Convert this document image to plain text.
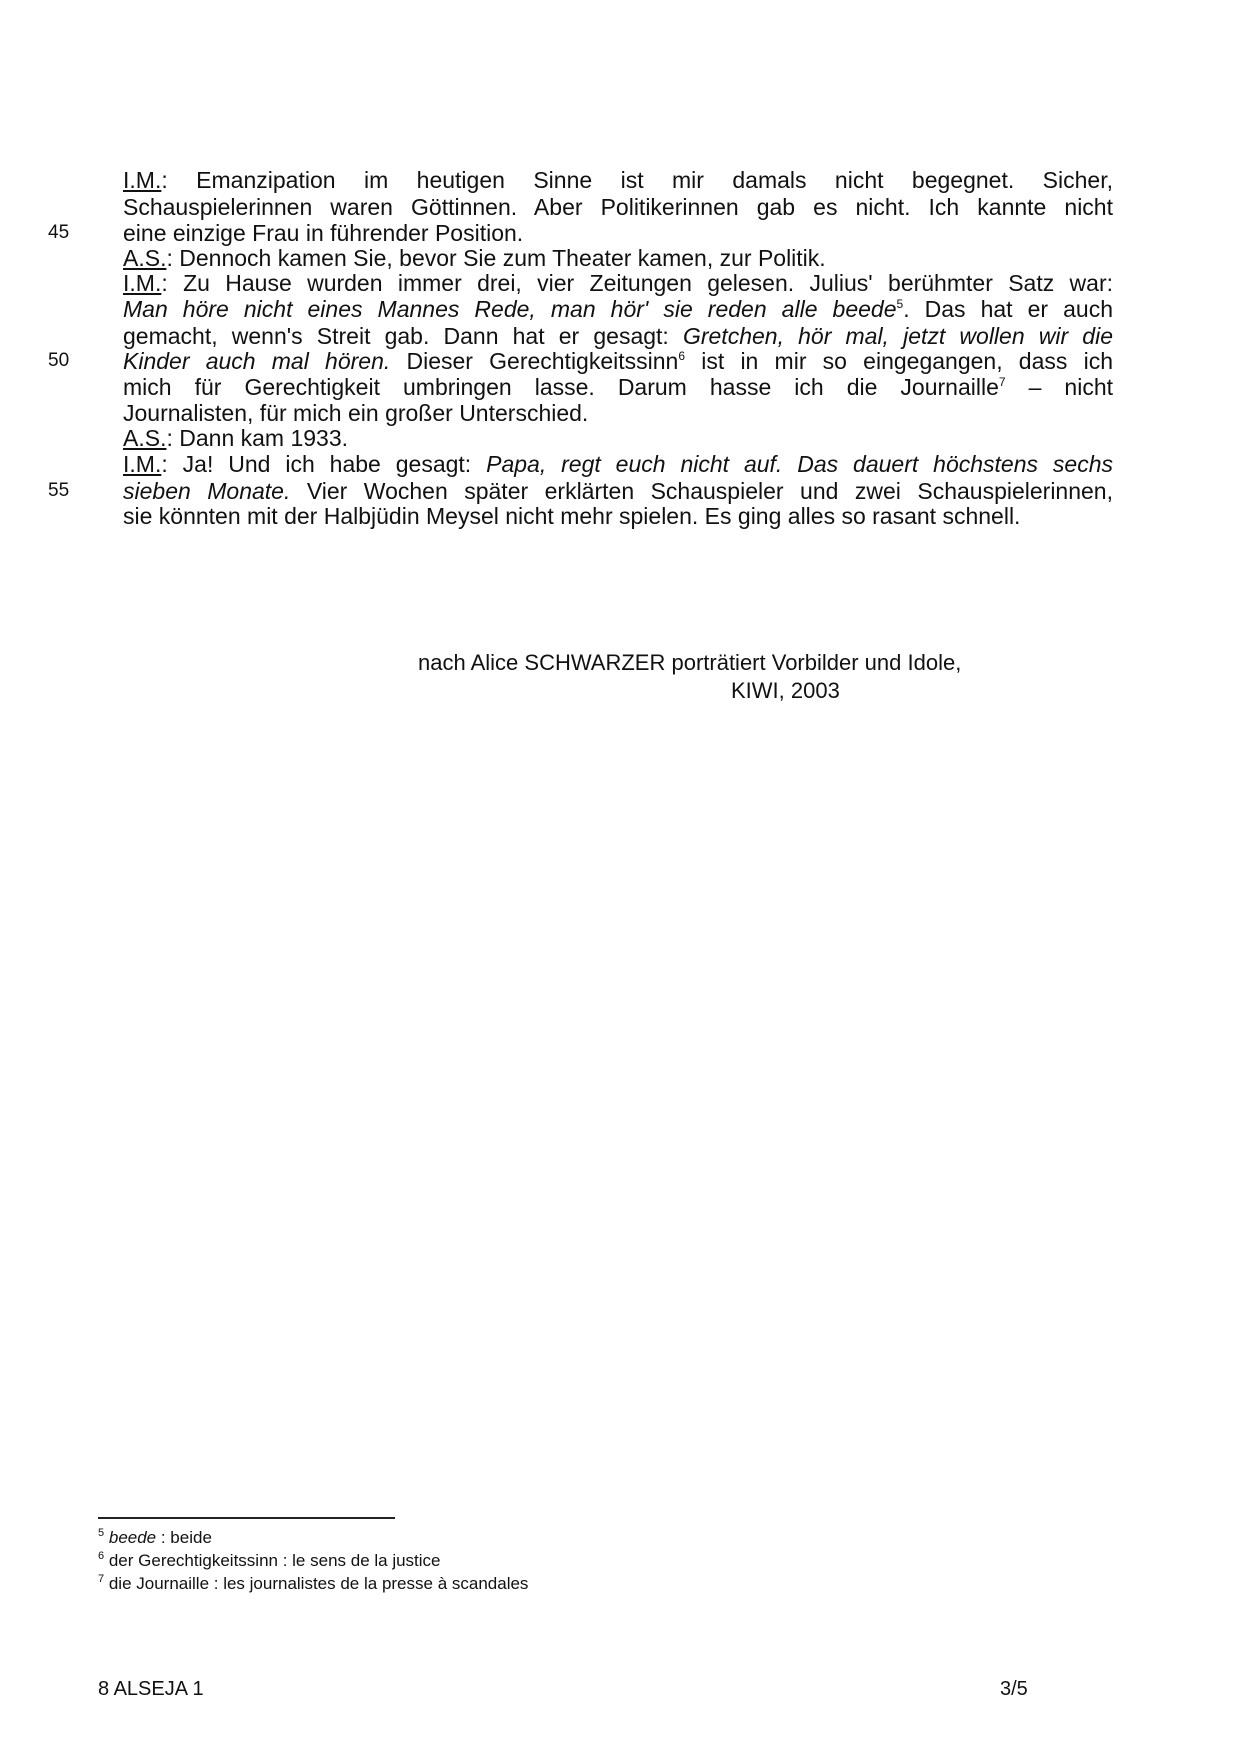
I.M.: Emanzipation im heutigen Sinne ist mir damals nicht begegnet. Sicher,
Schauspielerinnen waren Göttinnen. Aber Politikerinnen gab es nicht. Ich kannte nicht
45 eine einzige Frau in führender Position.
A.S.: Dennoch kamen Sie, bevor Sie zum Theater kamen, zur Politik.
I.M.: Zu Hause wurden immer drei, vier Zeitungen gelesen. Julius' berühmter Satz war:
Man höre nicht eines Mannes Rede, man hör' sie reden alle beede$^5$. Das hat er auch
gemacht, wenn's Streit gab. Dann hat er gesagt: Gretchen, hör mal, jetzt wollen wir die
50 Kinder auch mal hören. Dieser Gerechtigkeitssinn$^6$ ist in mir so eingegangen, dass ich
mich für Gerechtigkeit umbringen lasse. Darum hasse ich die Journaille$^7$ – nicht
Journalisten, für mich ein großer Unterschied.
A.S.: Dann kam 1933.
I.M.: Ja! Und ich habe gesagt: Papa, regt euch nicht auf. Das dauert höchstens sechs
55 sieben Monate. Vier Wochen später erklärten Schauspieler und zwei Schauspielerinnen,
sie könnten mit der Halbjüdin Meysel nicht mehr spielen. Es ging alles so rasant schnell.
nach Alice SCHWARZER porträtiert Vorbilder und Idole,
KIWI, 2003
$^5$ beede : beide
$^6$ der Gerechtigkeitssinn : le sens de la justice
$^7$ die Journaille : les journalistes de la presse à scandales
8 ALSEJA 1	3/5
